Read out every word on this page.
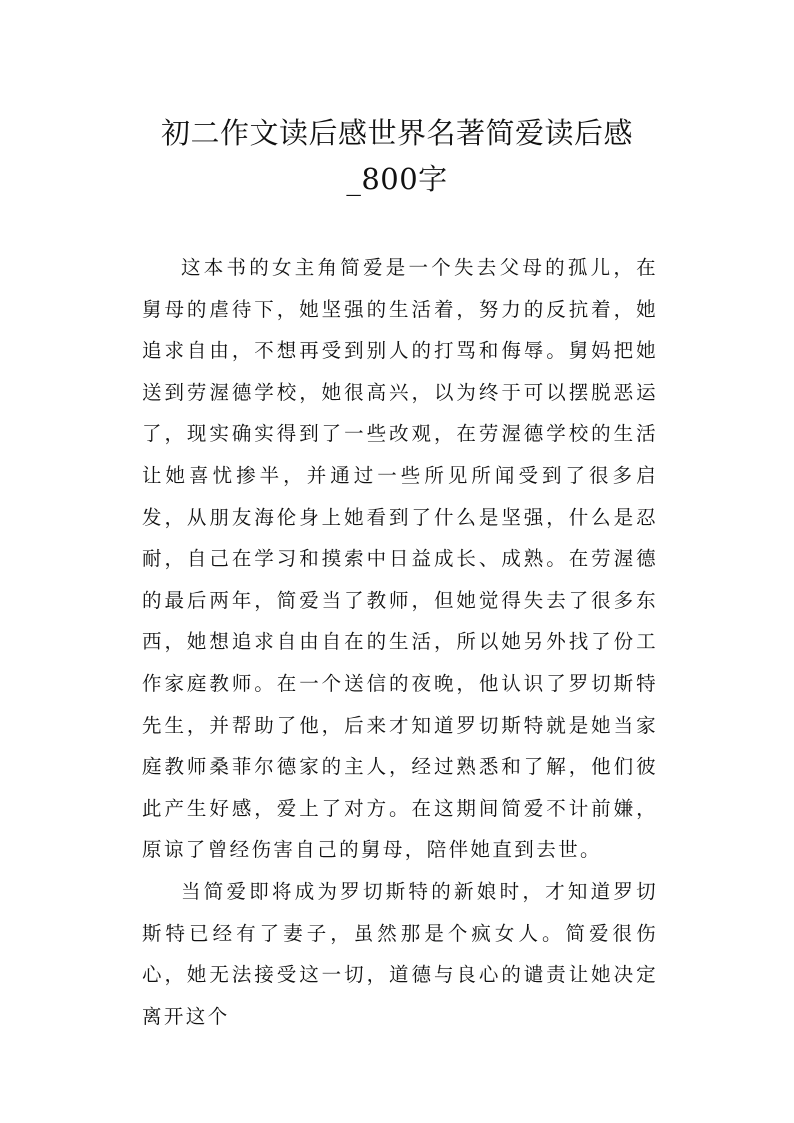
初二作文读后感世界名著简爱读后感
_800字

这本书的女主角简爱是一个失去父母的孤儿，在舅母的虐待下，她坚强的生活着，努力的反抗着，她追求自由，不想再受到别人的打骂和侮辱。舅妈把她送到劳渥德学校，她很高兴，以为终于可以摆脱恶运了，现实确实得到了一些改观，在劳渥德学校的生活让她喜忧掺半，并通过一些所见所闻受到了很多启发，从朋友海伦身上她看到了什么是坚强，什么是忍耐，自己在学习和摸索中日益成长、成熟。在劳渥德的最后两年，简爱当了教师，但她觉得失去了很多东西，她想追求自由自在的生活，所以她另外找了份工作家庭教师。在一个送信的夜晚，他认识了罗切斯特先生，并帮助了他，后来才知道罗切斯特就是她当家庭教师桑菲尔德家的主人，经过熟悉和了解，他们彼此产生好感，爱上了对方。在这期间简爱不计前嫌，原谅了曾经伤害自己的舅母，陪伴她直到去世。

当简爱即将成为罗切斯特的新娘时，才知道罗切斯特已经有了妻子，虽然那是个疯女人。简爱很伤心，她无法接受这一切，道德与良心的谴责让她决定离开这个
